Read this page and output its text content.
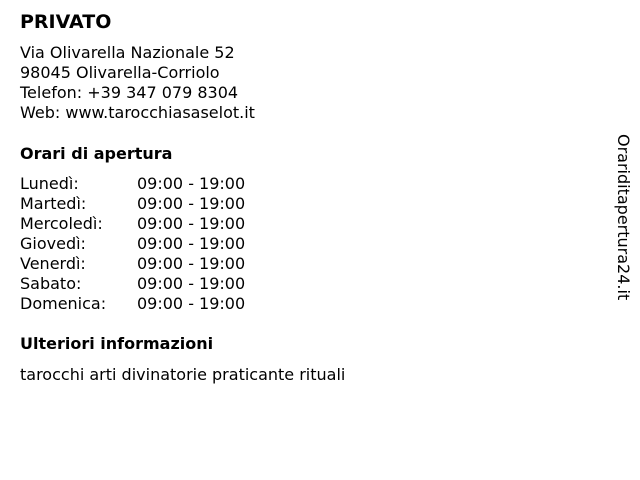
PRIVATO
Via Olivarella Nazionale 52
98045 Olivarella-Corriolo
Telefon: +39 347 079 8304
Web: www.tarocchiasaselot.it
Orari di apertura
Lunedì:	09:00 - 19:00
Martedì:	09:00 - 19:00
Mercoledì:	09:00 - 19:00
Giovedì:	09:00 - 19:00
Venerdì:	09:00 - 19:00
Sabato:	09:00 - 19:00
Domenica:	09:00 - 19:00
Ulteriori informazioni
tarocchi arti divinatorie praticante rituali
Orariditapertura24.it
